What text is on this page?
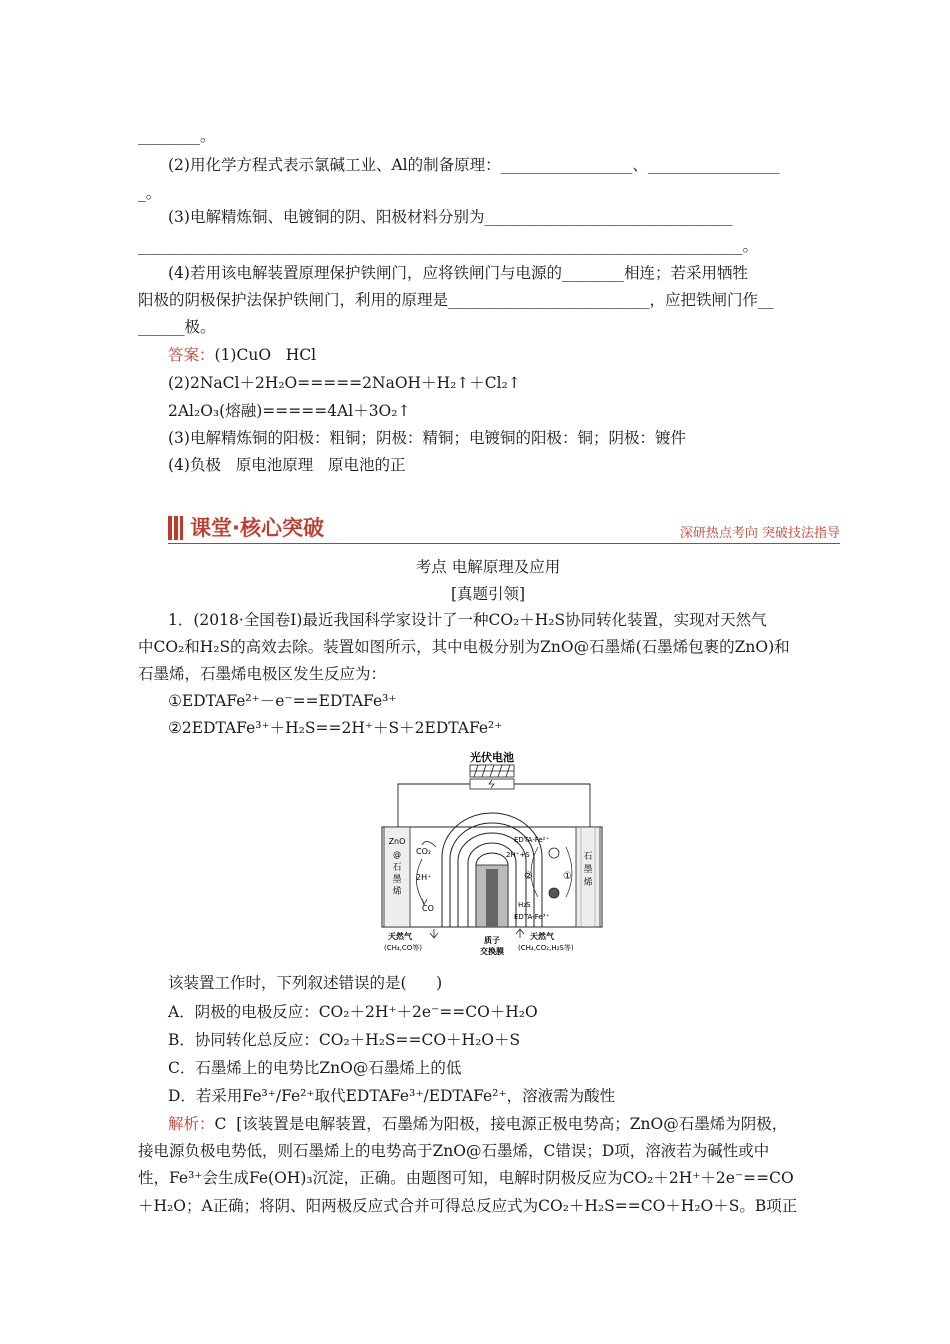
________。
(2)用化学方程式表示氯碱工业、Al的制备原理：_________________、_________________
_。
(3)电解精炼铜、电镀铜的阴、阳极材料分别为________________________________
______________________________________________________________________________。
(4)若用该电解装置原理保护铁闸门，应将铁闸门与电源的________相连；若采用牺牲
阳极的阴极保护法保护铁闸门，利用的原理是__________________________，应把铁闸门作__
______极。
答案：(1)CuO   HCl
(2)2NaCl＋2H₂O=====2NaOH＋H₂↑＋Cl₂↑
2Al₂O₃(熔融)=====4Al＋3O₂↑
(3)电解精炼铜的阳极：粗铜；阴极：精铜；电镀铜的阳极：铜；阴极：镀件
(4)负极   原电池原理   原电池的正
课堂·核心突破	深研热点考向 突破技法指导
考点 电解原理及应用
[真题引领]
1．(2018·全国卷Ⅰ)最近我国科学家设计了一种CO₂＋H₂S协同转化装置，实现对天然气
中CO₂和H₂S的高效去除。装置如图所示，其中电极分别为ZnO@石墨烯(石墨烯包裹的ZnO)和
石墨烯，石墨烯电极区发生反应为：
①EDTAFe²⁺－e⁻==EDTAFe³⁺
②2EDTAFe³⁺＋H₂S==2H⁺＋S＋2EDTAFe²⁺
光伏电池
ZnO
@
石
墨
烯
石
墨
烯
CO₂
2H⁺
CO
EDTA-Fe²⁺
2H⁺+S
②	①
H₂S
EDTA-Fe³⁺
天然气
(CH₄,CO等)
质子
交换膜
天然气
(CH₄,CO₂,H₂S等)
该装置工作时，下列叙述错误的是(      )
A．阴极的电极反应：CO₂＋2H⁺＋2e⁻==CO＋H₂O
B．协同转化总反应：CO₂＋H₂S==CO＋H₂O＋S
C．石墨烯上的电势比ZnO@石墨烯上的低
D．若采用Fe³⁺/Fe²⁺取代EDTAFe³⁺/EDTAFe²⁺，溶液需为酸性
解析：C  [该装置是电解装置，石墨烯为阳极，接电源正极电势高；ZnO@石墨烯为阴极，
接电源负极电势低，则石墨烯上的电势高于ZnO@石墨烯，C错误；D项，溶液若为碱性或中
性，Fe³⁺会生成Fe(OH)₃沉淀，正确。由题图可知，电解时阴极反应为CO₂＋2H⁺＋2e⁻==CO
＋H₂O；A正确；将阴、阳两极反应式合并可得总反应式为CO₂＋H₂S==CO＋H₂O＋S。B项正
